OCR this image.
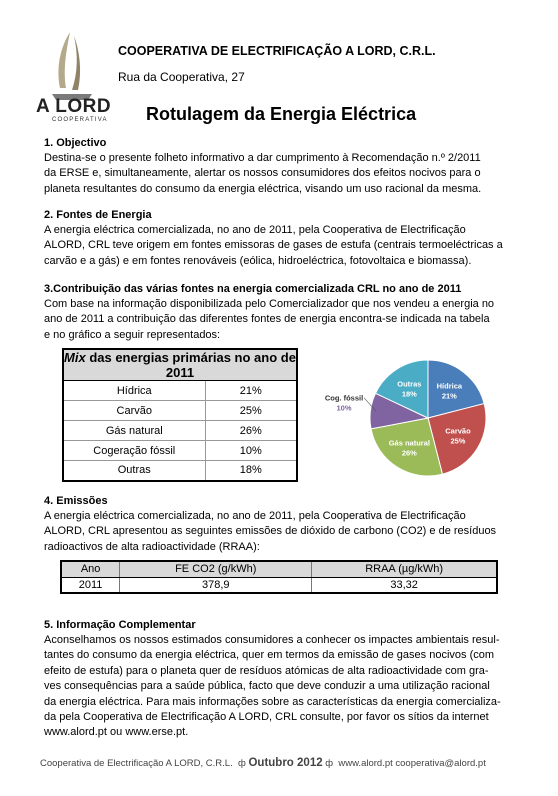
A LORD
COOPERATIVA
COOPERATIVA DE ELECTRIFICAÇÃO A LORD, C.R.L.
Rua da Cooperativa, 27
Rotulagem da Energia Eléctrica
1. Objectivo

Destina-se o presente folheto informativo a dar cumprimento à Recomendação n.º 2/2011

da ERSE e, simultaneamente, alertar os nossos consumidores dos efeitos nocivos para o

planeta resultantes do consumo da energia eléctrica, visando um uso racional da mesma.

2. Fontes de Energia

A energia eléctrica comercializada, no ano de 2011, pela Cooperativa de Electrificação

ALORD, CRL teve origem em fontes emissoras de gases de estufa (centrais termoeléctricas a

carvão e a gás) e em fontes renováveis (eólica, hidroeléctrica, fotovoltaica e biomassa).

3.Contribuição das várias fontes na energia comercializada CRL no ano de 2011

Com base na informação disponibilizada pelo Comercializador que nos vendeu a energia no

ano de 2011 a contribuição das diferentes fontes de energia encontra-se indicada na tabela

e no gráfico a seguir representados:

Mix das energias primárias no ano de 2011	
Hídrica	21%
Carvão	25%
Gás natural	26%
Cogeração fóssil	10%
Outras	18%
Hídrica
21%
Carvão
25%
Gás natural
26%
Cog. fóssil
10%
Outras
18%
4. Emissões

A energia eléctrica comercializada, no ano de 2011, pela Cooperativa de Electrificação

ALORD, CRL apresentou as seguintes emissões de dióxido de carbono (CO2) e de resíduos

radioactivos de alta radioactividade (RRAA):

Ano	FE CO2 (g/kWh)	RRAA (µg/kWh)
2011	378,9	33,32
5. Informação Complementar

Aconselhamos os nossos estimados consumidores a conhecer os impactes ambientais resul-

tantes do consumo da energia eléctrica, quer em termos da emissão de gases nocivos (com

efeito de estufa) para o planeta quer de resíduos atómicas de alta radioactividade com gra-

ves consequências para a saúde pública, facto que deve conduzir a uma utilização racional

da energia eléctrica. Para mais informações sobre as características da energia comercializa-

da pela Cooperativa de Electrificação A LORD, CRL consulte, por favor os sítios da internet

www.alord.pt ou www.erse.pt.

Cooperativa de Electrificação A LORD, C.R.L. ф Outubro 2012 ф www.alord.pt cooperativa@alord.pt
